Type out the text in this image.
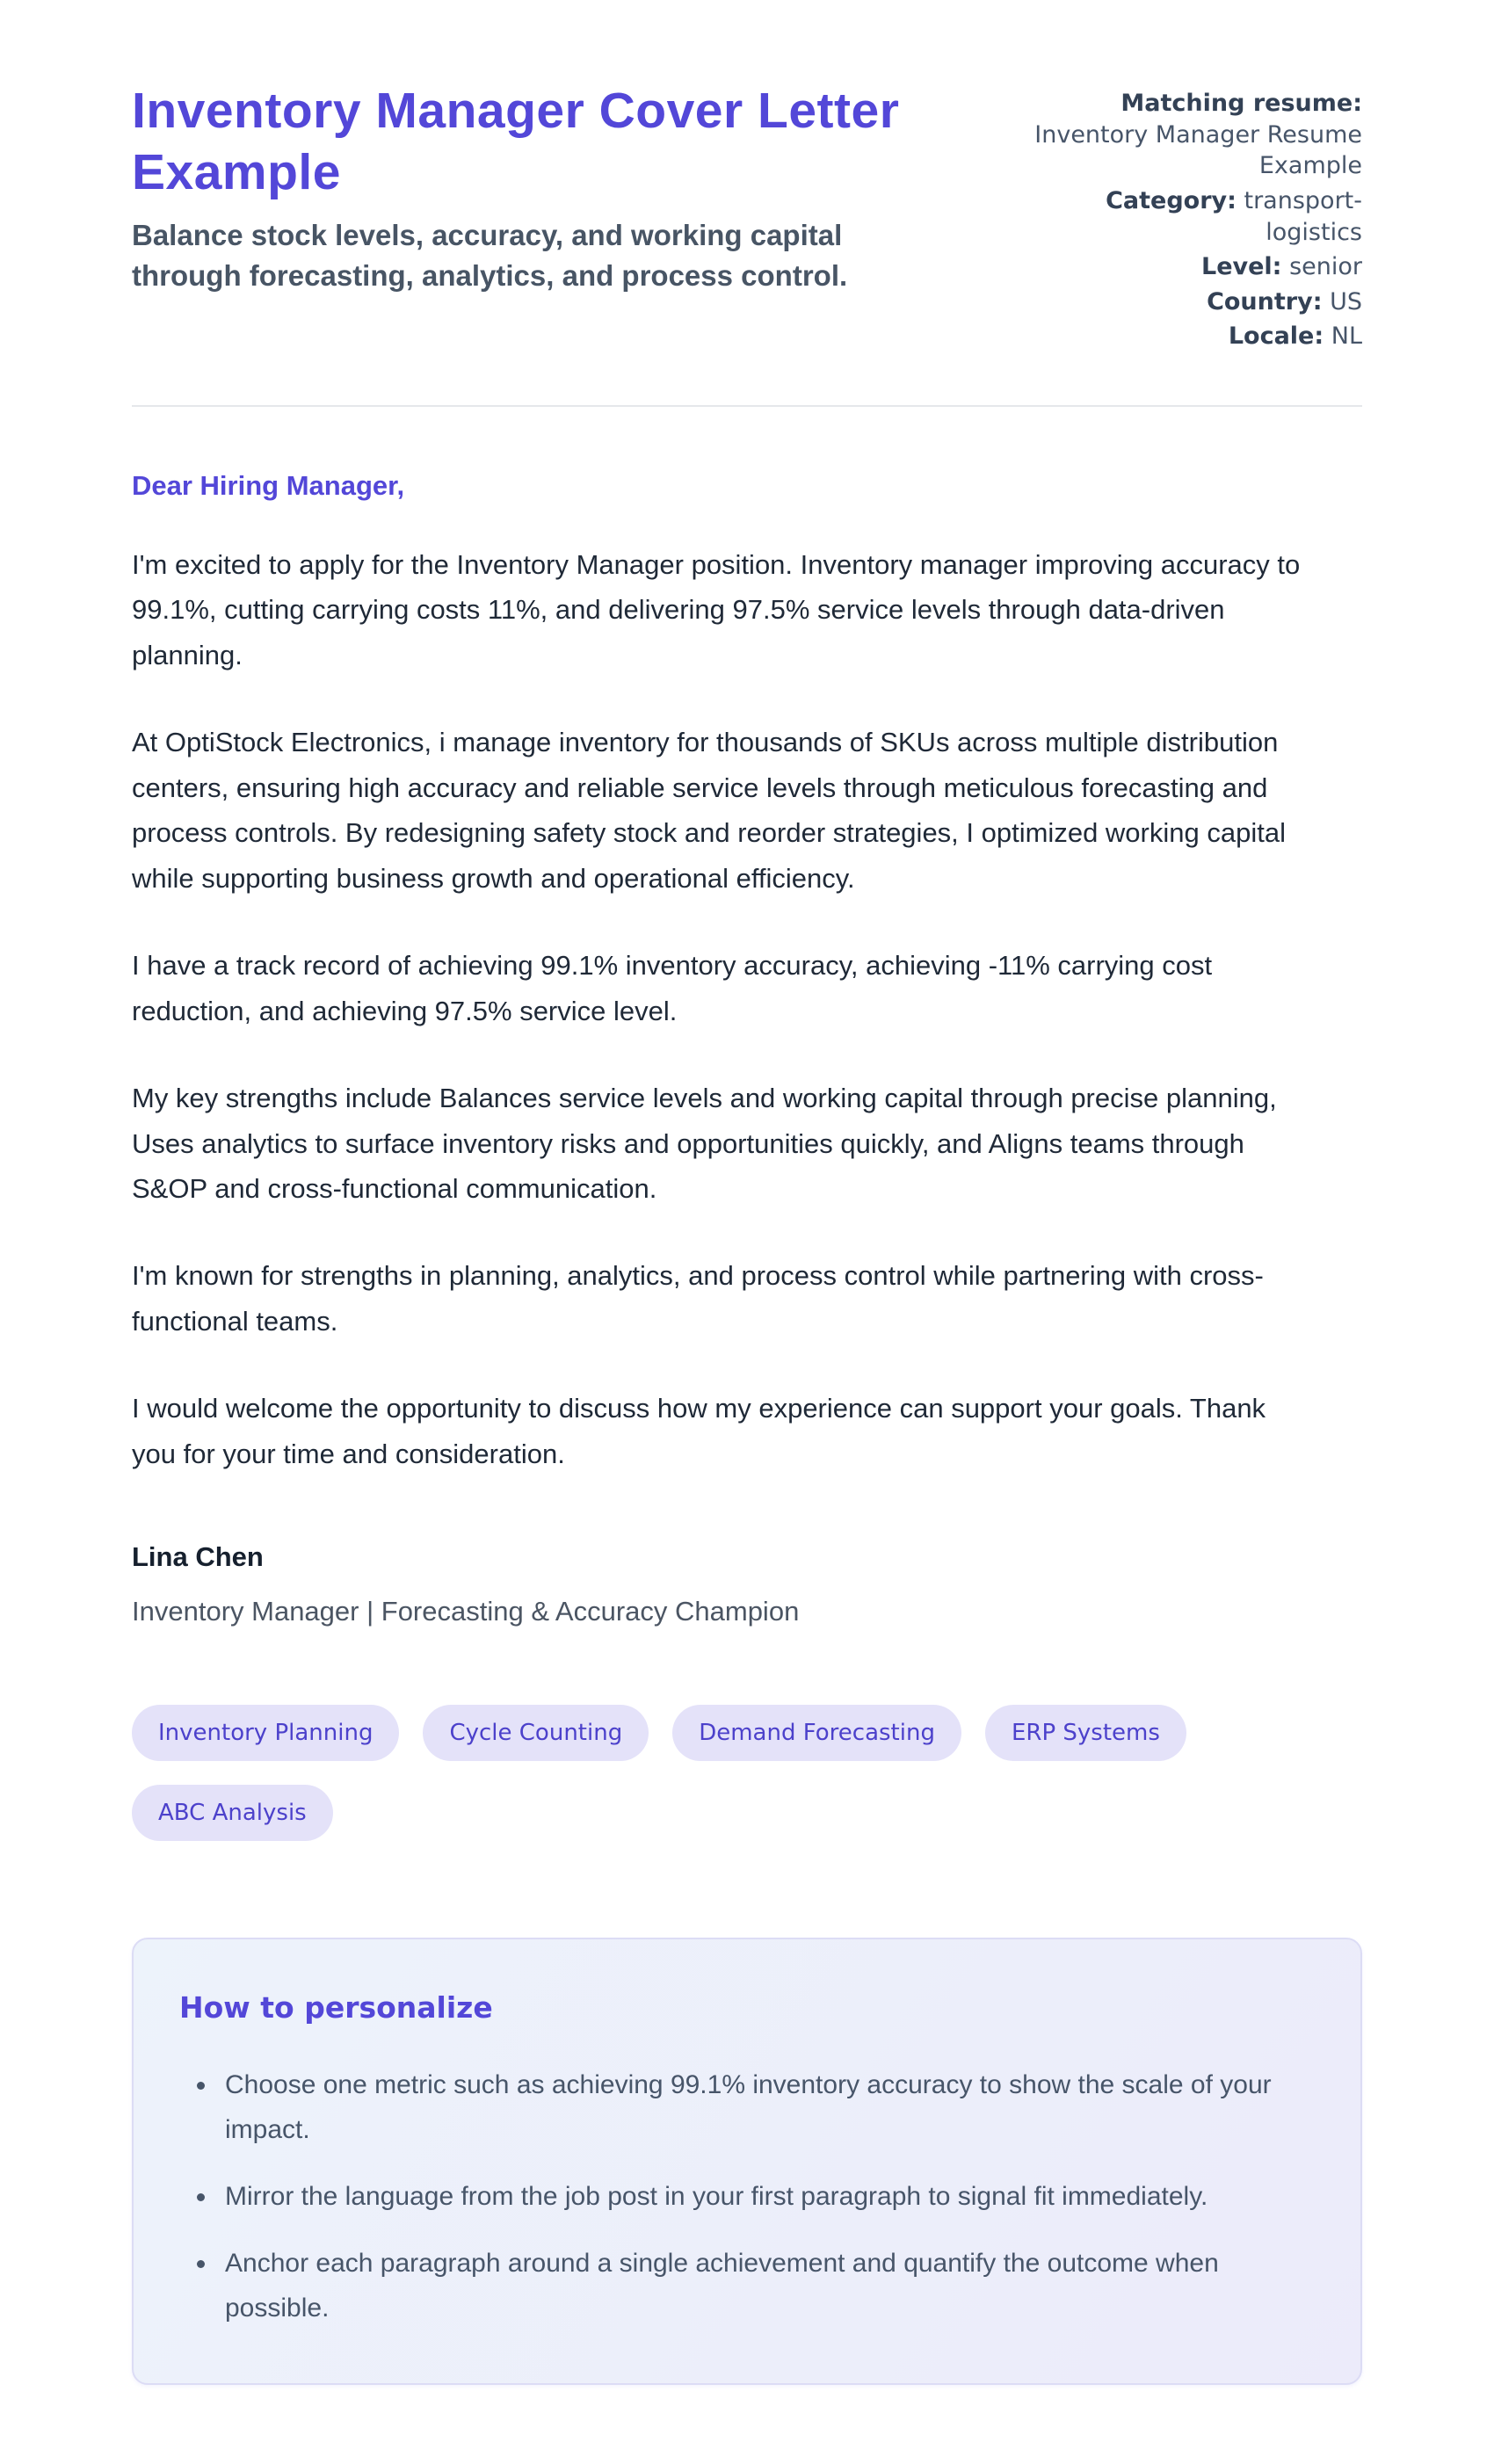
Inventory Manager Cover Letter Example

Balance stock levels, accuracy, and working capital through forecasting, analytics, and process control.

Matching resume: Inventory Manager Resume Example
Category: transport-logistics
Level: senior
Country: US
Locale: NL

Dear Hiring Manager,

I'm excited to apply for the Inventory Manager position. Inventory manager improving accuracy to 99.1%, cutting carrying costs 11%, and delivering 97.5% service levels through data-driven planning.

At OptiStock Electronics, i manage inventory for thousands of SKUs across multiple distribution centers, ensuring high accuracy and reliable service levels through meticulous forecasting and process controls. By redesigning safety stock and reorder strategies, I optimized working capital while supporting business growth and operational efficiency.

I have a track record of achieving 99.1% inventory accuracy, achieving -11% carrying cost reduction, and achieving 97.5% service level.

My key strengths include Balances service levels and working capital through precise planning, Uses analytics to surface inventory risks and opportunities quickly, and Aligns teams through S&OP and cross-functional communication.

I'm known for strengths in planning, analytics, and process control while partnering with cross-functional teams.

I would welcome the opportunity to discuss how my experience can support your goals. Thank you for your time and consideration.

Lina Chen

Inventory Manager | Forecasting & Accuracy Champion

Inventory Planning	Cycle Counting	Demand Forecasting	ERP Systems
ABC Analysis
How to personalize
• Choose one metric such as achieving 99.1% inventory accuracy to show the scale of your impact.
• Mirror the language from the job post in your first paragraph to signal fit immediately.
• Anchor each paragraph around a single achievement and quantify the outcome when possible.
